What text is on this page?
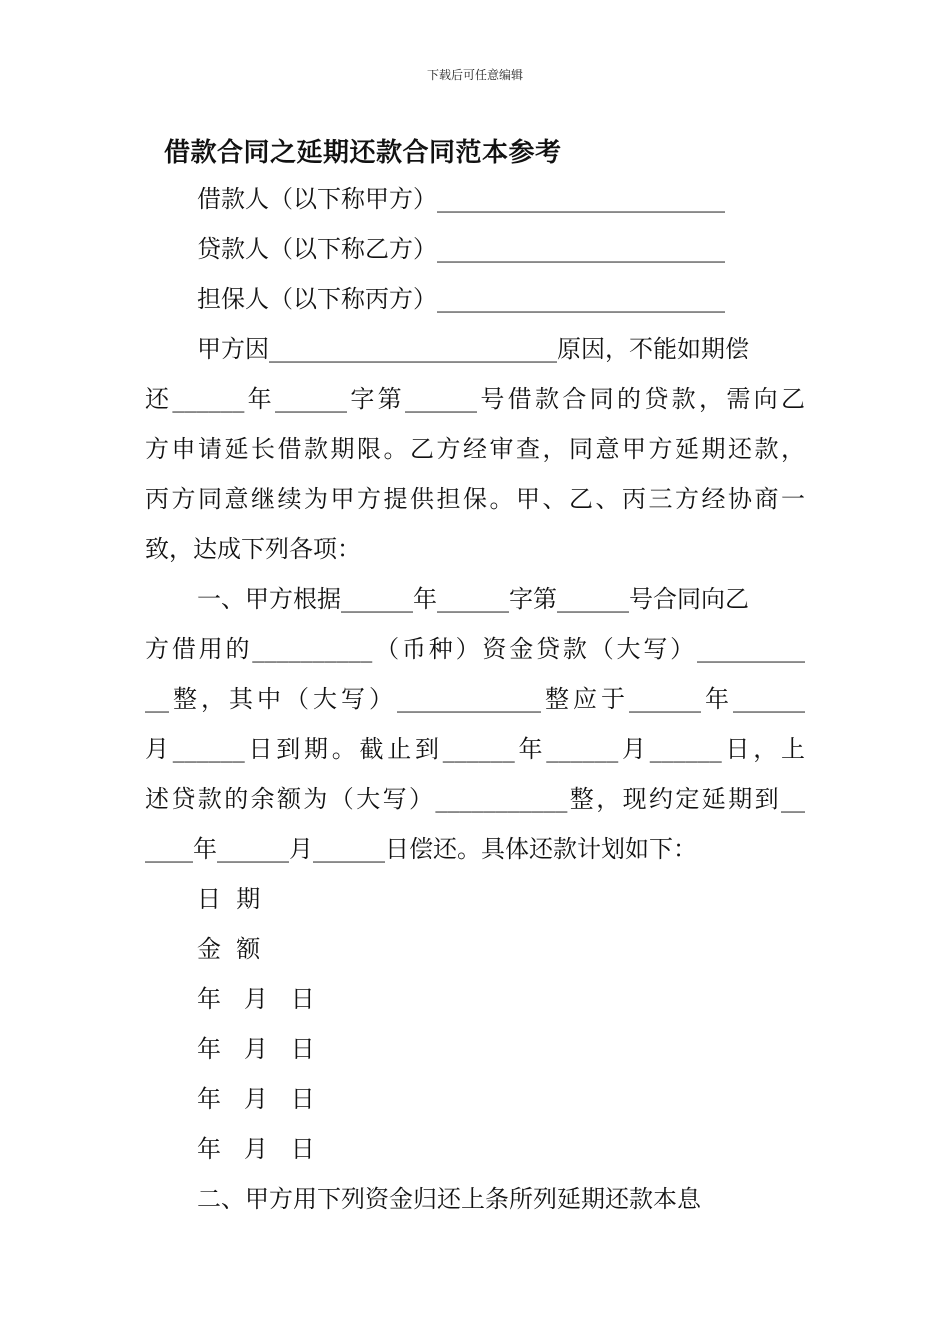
下载后可任意编辑
借款合同之延期还款合同范本参考
借款人（以下称甲方）________________________
贷款人（以下称乙方）________________________
担保人（以下称丙方）________________________
甲方因________________________原因，不能如期偿
还______年______字第______号借款合同的贷款，需向乙
方申请延长借款期限。乙方经审查，同意甲方延期还款，
丙方同意继续为甲方提供担保。甲、乙、丙三方经协商一
致，达成下列各项：
一、甲方根据______年______字第______号合同向乙
方借用的__________（币种）资金贷款（大写）_________
__整，其中（大写）____________整应于______年______
月______日到期。截止到______年______月______日，上
述贷款的余额为（大写）___________整，现约定延期到__
____年______月______日偿还。具体还款计划如下：
日  期
金  额
年   月   日
年   月   日
年   月   日
年   月   日
二、甲方用下列资金归还上条所列延期还款本息
